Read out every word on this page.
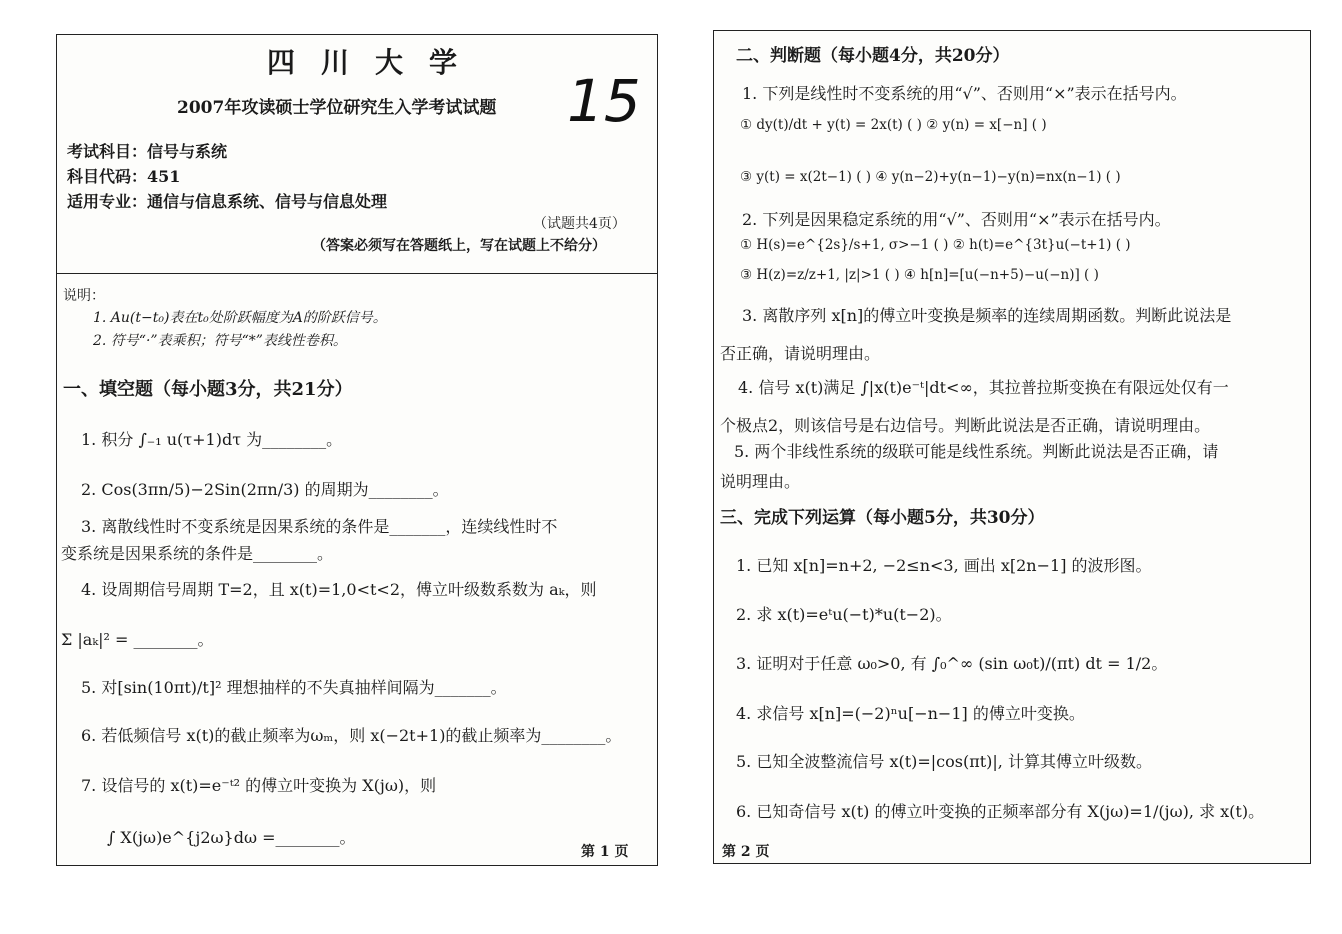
四川大学
15
2007年攻读硕士学位研究生入学考试试题
考试科目：信号与系统
科目代码：451
适用专业：通信与信息系统、信号与信息处理
（试题共4页）
（答案必须写在答题纸上，写在试题上不给分）
说明：
1. Au(t−t₀)表在t₀处阶跃幅度为A的阶跃信号。
2. 符号“·”表乘积；符号“*”表线性卷积。
一、填空题（每小题3分，共21分）
1. 积分 ∫₋₁ u(τ+1)dτ 为________。
2. Cos(3πn/5)−2Sin(2πn/3) 的周期为________。
3. 离散线性时不变系统是因果系统的条件是_______，连续线性时不
变系统是因果系统的条件是________。
4. 设周期信号周期 T=2，且 x(t)=1,0<t<2，傅立叶级数系数为 aₖ，则
Σ |aₖ|² = ________。
5. 对[sin(10πt)/t]² 理想抽样的不失真抽样间隔为_______。
6. 若低频信号 x(t)的截止频率为ωₘ，则 x(−2t+1)的截止频率为________。
7. 设信号的 x(t)=e⁻ᵗ² 的傅立叶变换为 X(jω)，则
∫ X(jω)e^{j2ω}dω =________。
第 1 页
二、判断题（每小题4分，共20分）
1. 下列是线性时不变系统的用“√”、否则用“×”表示在括号内。
① dy(t)/dt + y(t) = 2x(t) ( ) ② y(n) = x[−n] ( )
③ y(t) = x(2t−1) ( ) ④ y(n−2)+y(n−1)−y(n)=nx(n−1) ( )
2. 下列是因果稳定系统的用“√”、否则用“×”表示在括号内。
① H(s)=e^{2s}/s+1, σ>−1 ( ) ② h(t)=e^{3t}u(−t+1) ( )
③ H(z)=z/z+1, |z|>1 ( ) ④ h[n]=[u(−n+5)−u(−n)] ( )
3. 离散序列 x[n]的傅立叶变换是频率的连续周期函数。判断此说法是
否正确，请说明理由。
4. 信号 x(t)满足 ∫|x(t)e⁻ᵗ|dt<∞，其拉普拉斯变换在有限远处仅有一
个极点2，则该信号是右边信号。判断此说法是否正确，请说明理由。
5. 两个非线性系统的级联可能是线性系统。判断此说法是否正确，请
说明理由。
三、完成下列运算（每小题5分，共30分）
1. 已知 x[n]=n+2, −2≤n<3, 画出 x[2n−1] 的波形图。
2. 求 x(t)=eᵗu(−t)*u(t−2)。
3. 证明对于任意 ω₀>0, 有 ∫₀^∞ (sin ω₀t)/(πt) dt = 1/2。
4. 求信号 x[n]=(−2)ⁿu[−n−1] 的傅立叶变换。
5. 已知全波整流信号 x(t)=|cos(πt)|, 计算其傅立叶级数。
6. 已知奇信号 x(t) 的傅立叶变换的正频率部分有 X(jω)=1/(jω), 求 x(t)。
第 2 页
